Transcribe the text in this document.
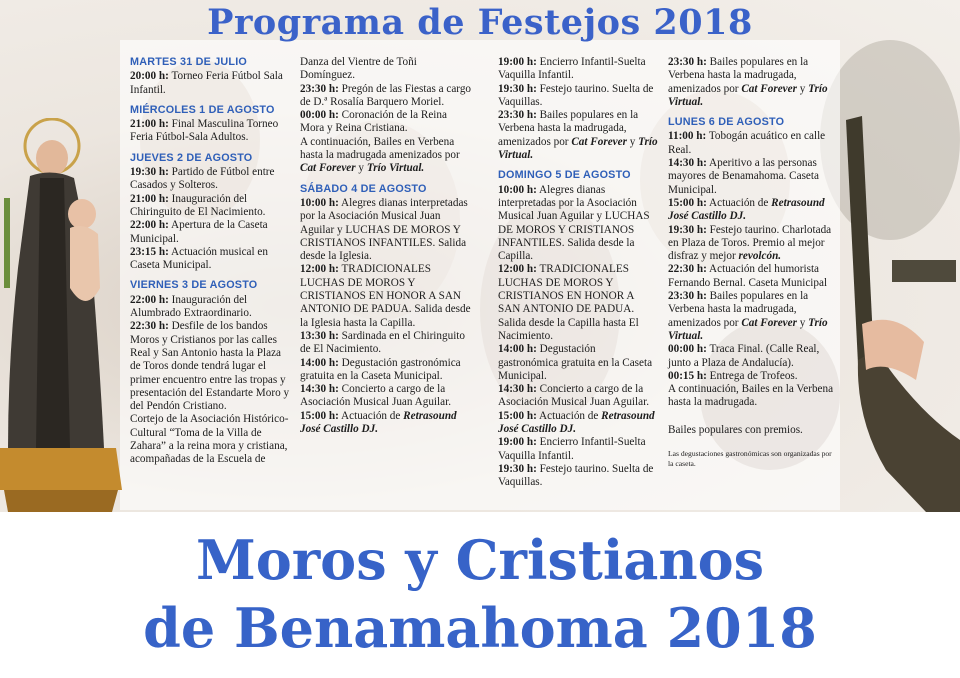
Programa de Festejos 2018
MARTES 31 DE JULIO

20:00 h: Torneo Feria Fútbol Sala Infantil.

MIÉRCOLES 1 DE AGOSTO

21:00 h: Final Masculina Torneo Feria Fútbol-Sala Adultos.

JUEVES 2 DE AGOSTO

19:30 h: Partido de Fútbol entre Casados y Solteros.

21:00 h: Inauguración del Chiringuito de El Nacimiento.

22:00 h: Apertura de la Caseta Municipal.

23:15 h: Actuación musical en Caseta Municipal.

VIERNES 3 DE AGOSTO

22:00 h: Inauguración del Alumbrado Extraordinario.

22:30 h: Desfile de los bandos Moros y Cristianos por las calles Real y San Antonio hasta la Plaza de Toros donde tendrá lugar el primer encuentro entre las tropas y presentación del Estandarte Moro y del Pendón Cristiano.

Cortejo de la Asociación Histórico-Cultural “Toma de la Villa de Zahara” a la reina mora y cristiana, acompañadas de la Escuela de

Danza del Vientre de Toñi Domínguez.

23:30 h: Pregón de las Fiestas a cargo de D.ª Rosalía Barquero Moriel.

00:00 h: Coronación de la Reina Mora y Reina Cristiana.

A continuación, Bailes en Verbena hasta la madrugada amenizados por Cat Forever y Trío Virtual.

SÁBADO 4 DE AGOSTO

10:00 h: Alegres dianas interpretadas por la Asociación Musical Juan Aguilar y LUCHAS DE MOROS Y CRISTIANOS INFANTILES. Salida desde la Iglesia.

12:00 h: TRADICIONALES LUCHAS DE MOROS Y CRISTIANOS EN HONOR A SAN ANTONIO DE PADUA. Salida desde la Iglesia hasta la Capilla.

13:30 h: Sardinada en el Chiringuito de El Nacimiento.

14:00 h: Degustación gastronómica gratuita en la Caseta Municipal.

14:30 h: Concierto a cargo de la Asociación Musical Juan Aguilar.

15:00 h: Actuación de Retrasound José Castillo DJ.

19:00 h: Encierro Infantil-Suelta Vaquilla Infantil.

19:30 h: Festejo taurino. Suelta de Vaquillas.

23:30 h: Bailes populares en la Verbena hasta la madrugada, amenizados por Cat Forever y Trío Virtual.

DOMINGO 5 DE AGOSTO

10:00 h: Alegres dianas interpretadas por la Asociación Musical Juan Aguilar y LUCHAS DE MOROS Y CRISTIANOS INFANTILES. Salida desde la Capilla.

12:00 h: TRADICIONALES LUCHAS DE MOROS Y CRISTIANOS EN HONOR A SAN ANTONIO DE PADUA. Salida desde la Capilla hasta El Nacimiento.

14:00 h: Degustación gastronómica gratuita en la Caseta Municipal.

14:30 h: Concierto a cargo de la Asociación Musical Juan Aguilar.

15:00 h: Actuación de Retrasound José Castillo DJ.

19:00 h: Encierro Infantil-Suelta Vaquilla Infantil.

19:30 h: Festejo taurino. Suelta de Vaquillas.

23:30 h: Bailes populares en la Verbena hasta la madrugada, amenizados por Cat Forever y Trío Virtual.

LUNES 6 DE AGOSTO

11:00 h: Tobogán acuático en calle Real.

14:30 h: Aperitivo a las personas mayores de Benamahoma. Caseta Municipal.

15:00 h: Actuación de Retrasound José Castillo DJ.

19:30 h: Festejo taurino. Charlotada en Plaza de Toros. Premio al mejor disfraz y mejor revolcón.

22:30 h: Actuación del humorista Fernando Bernal. Caseta Municipal

23:30 h: Bailes populares en la Verbena hasta la madrugada, amenizados por Cat Forever y Trío Virtual.

00:00 h: Traca Final. (Calle Real, junto a Plaza de Andalucía).

00:15 h: Entrega de Trofeos.

A continuación, Bailes en la Verbena hasta la madrugada.

Bailes populares con premios.

Las degustaciones gastronómicas son organizadas por la caseta.

Moros y Cristianos
de Benamahoma 2018
